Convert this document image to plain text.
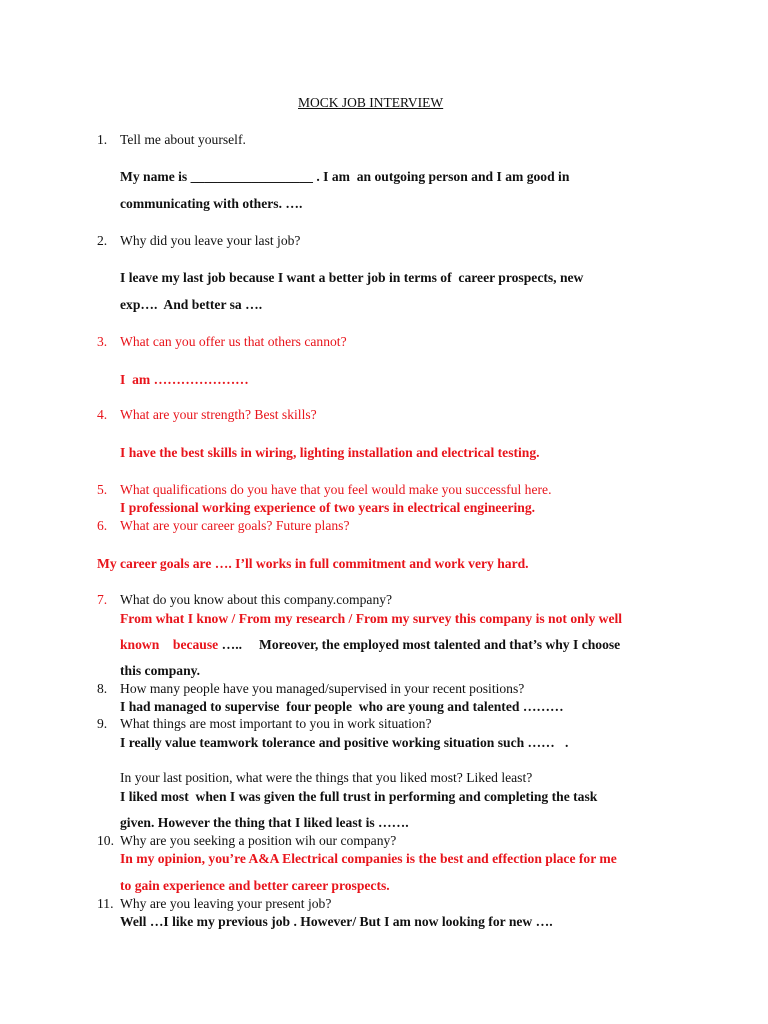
MOCK JOB INTERVIEW
1. Tell me about yourself.
My name is __________________ . I am  an outgoing person and I am good in
communicating with others. ….
2. Why did you leave your last job?
I leave my last job because I want a better job in terms of  career prospects, new
exp….  And better sa ….
3. What can you offer us that others cannot?
I  am …………………
4. What are your strength? Best skills?
I have the best skills in wiring, lighting installation and electrical testing.
5. What qualifications do you have that you feel would make you successful here.
I professional working experience of two years in electrical engineering.
6. What are your career goals? Future plans?
My career goals are …. I’ll works in full commitment and work very hard.
7. What do you know about this company.company?
From what I know / From my research / From my survey this company is not only well
known    because …..     Moreover, the employed most talented and that’s why I choose
this company.
8. How many people have you managed/supervised in your recent positions?
I had managed to supervise  four people  who are young and talented ………
9. What things are most important to you in work situation?
I really value teamwork tolerance and positive working situation such ……   .
In your last position, what were the things that you liked most? Liked least?
I liked most  when I was given the full trust in performing and completing the task
given. However the thing that I liked least is …….
10. Why are you seeking a position wih our company?
In my opinion, you’re A&A Electrical companies is the best and effection place for me
to gain experience and better career prospects.
11. Why are you leaving your present job?
Well …I like my previous job . However/ But I am now looking for new ….
